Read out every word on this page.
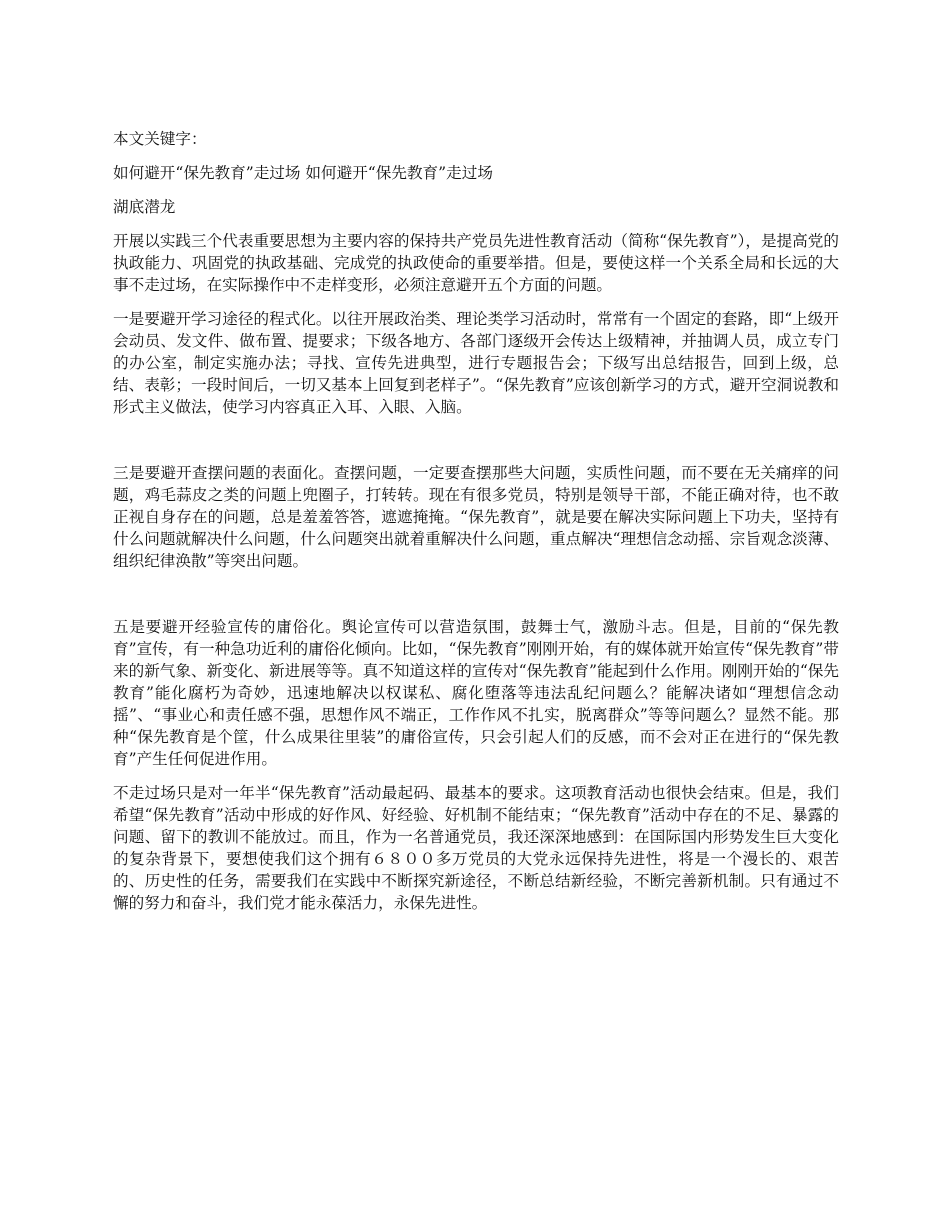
本文关键字：
如何避开“保先教育”走过场 如何避开“保先教育”走过场
湖底潜龙
开展以实践三个代表重要思想为主要内容的保持共产党员先进性教育活动（简称“保先教育”），是提高党的执政能力、巩固党的执政基础、完成党的执政使命的重要举措。但是，要使这样一个关系全局和长远的大事不走过场，在实际操作中不走样变形，必须注意避开五个方面的问题。
一是要避开学习途径的程式化。以往开展政治类、理论类学习活动时，常常有一个固定的套路，即“上级开会动员、发文件、做布置、提要求；下级各地方、各部门逐级开会传达上级精神，并抽调人员，成立专门的办公室，制定实施办法；寻找、宣传先进典型，进行专题报告会；下级写出总结报告，回到上级，总结、表彰；一段时间后，一切又基本上回复到老样子”。“保先教育”应该创新学习的方式，避开空洞说教和形式主义做法，使学习内容真正入耳、入眼、入脑。
三是要避开查摆问题的表面化。查摆问题，一定要查摆那些大问题，实质性问题，而不要在无关痛痒的问题，鸡毛蒜皮之类的问题上兜圈子，打转转。现在有很多党员，特别是领导干部，不能正确对待，也不敢正视自身存在的问题，总是羞羞答答，遮遮掩掩。“保先教育”，就是要在解决实际问题上下功夫，坚持有什么问题就解决什么问题，什么问题突出就着重解决什么问题，重点解决“理想信念动摇、宗旨观念淡薄、组织纪律涣散”等突出问题。
五是要避开经验宣传的庸俗化。舆论宣传可以营造氛围，鼓舞士气，激励斗志。但是，目前的“保先教育”宣传，有一种急功近利的庸俗化倾向。比如，“保先教育”刚刚开始，有的媒体就开始宣传“保先教育”带来的新气象、新变化、新进展等等。真不知道这样的宣传对“保先教育”能起到什么作用。刚刚开始的“保先教育”能化腐朽为奇妙，迅速地解决以权谋私、腐化堕落等违法乱纪问题么？能解决诸如“理想信念动摇”、“事业心和责任感不强，思想作风不端正，工作作风不扎实，脱离群众”等等问题么？显然不能。那种“保先教育是个筐，什么成果往里装”的庸俗宣传，只会引起人们的反感，而不会对正在进行的“保先教育”产生任何促进作用。
不走过场只是对一年半“保先教育”活动最起码、最基本的要求。这项教育活动也很快会结束。但是，我们希望“保先教育”活动中形成的好作风、好经验、好机制不能结束；“保先教育”活动中存在的不足、暴露的问题、留下的教训不能放过。而且，作为一名普通党员，我还深深地感到：在国际国内形势发生巨大变化的复杂背景下，要想使我们这个拥有６８００多万党员的大党永远保持先进性，将是一个漫长的、艰苦的、历史性的任务，需要我们在实践中不断探究新途径，不断总结新经验，不断完善新机制。只有通过不懈的努力和奋斗，我们党才能永葆活力，永保先进性。
